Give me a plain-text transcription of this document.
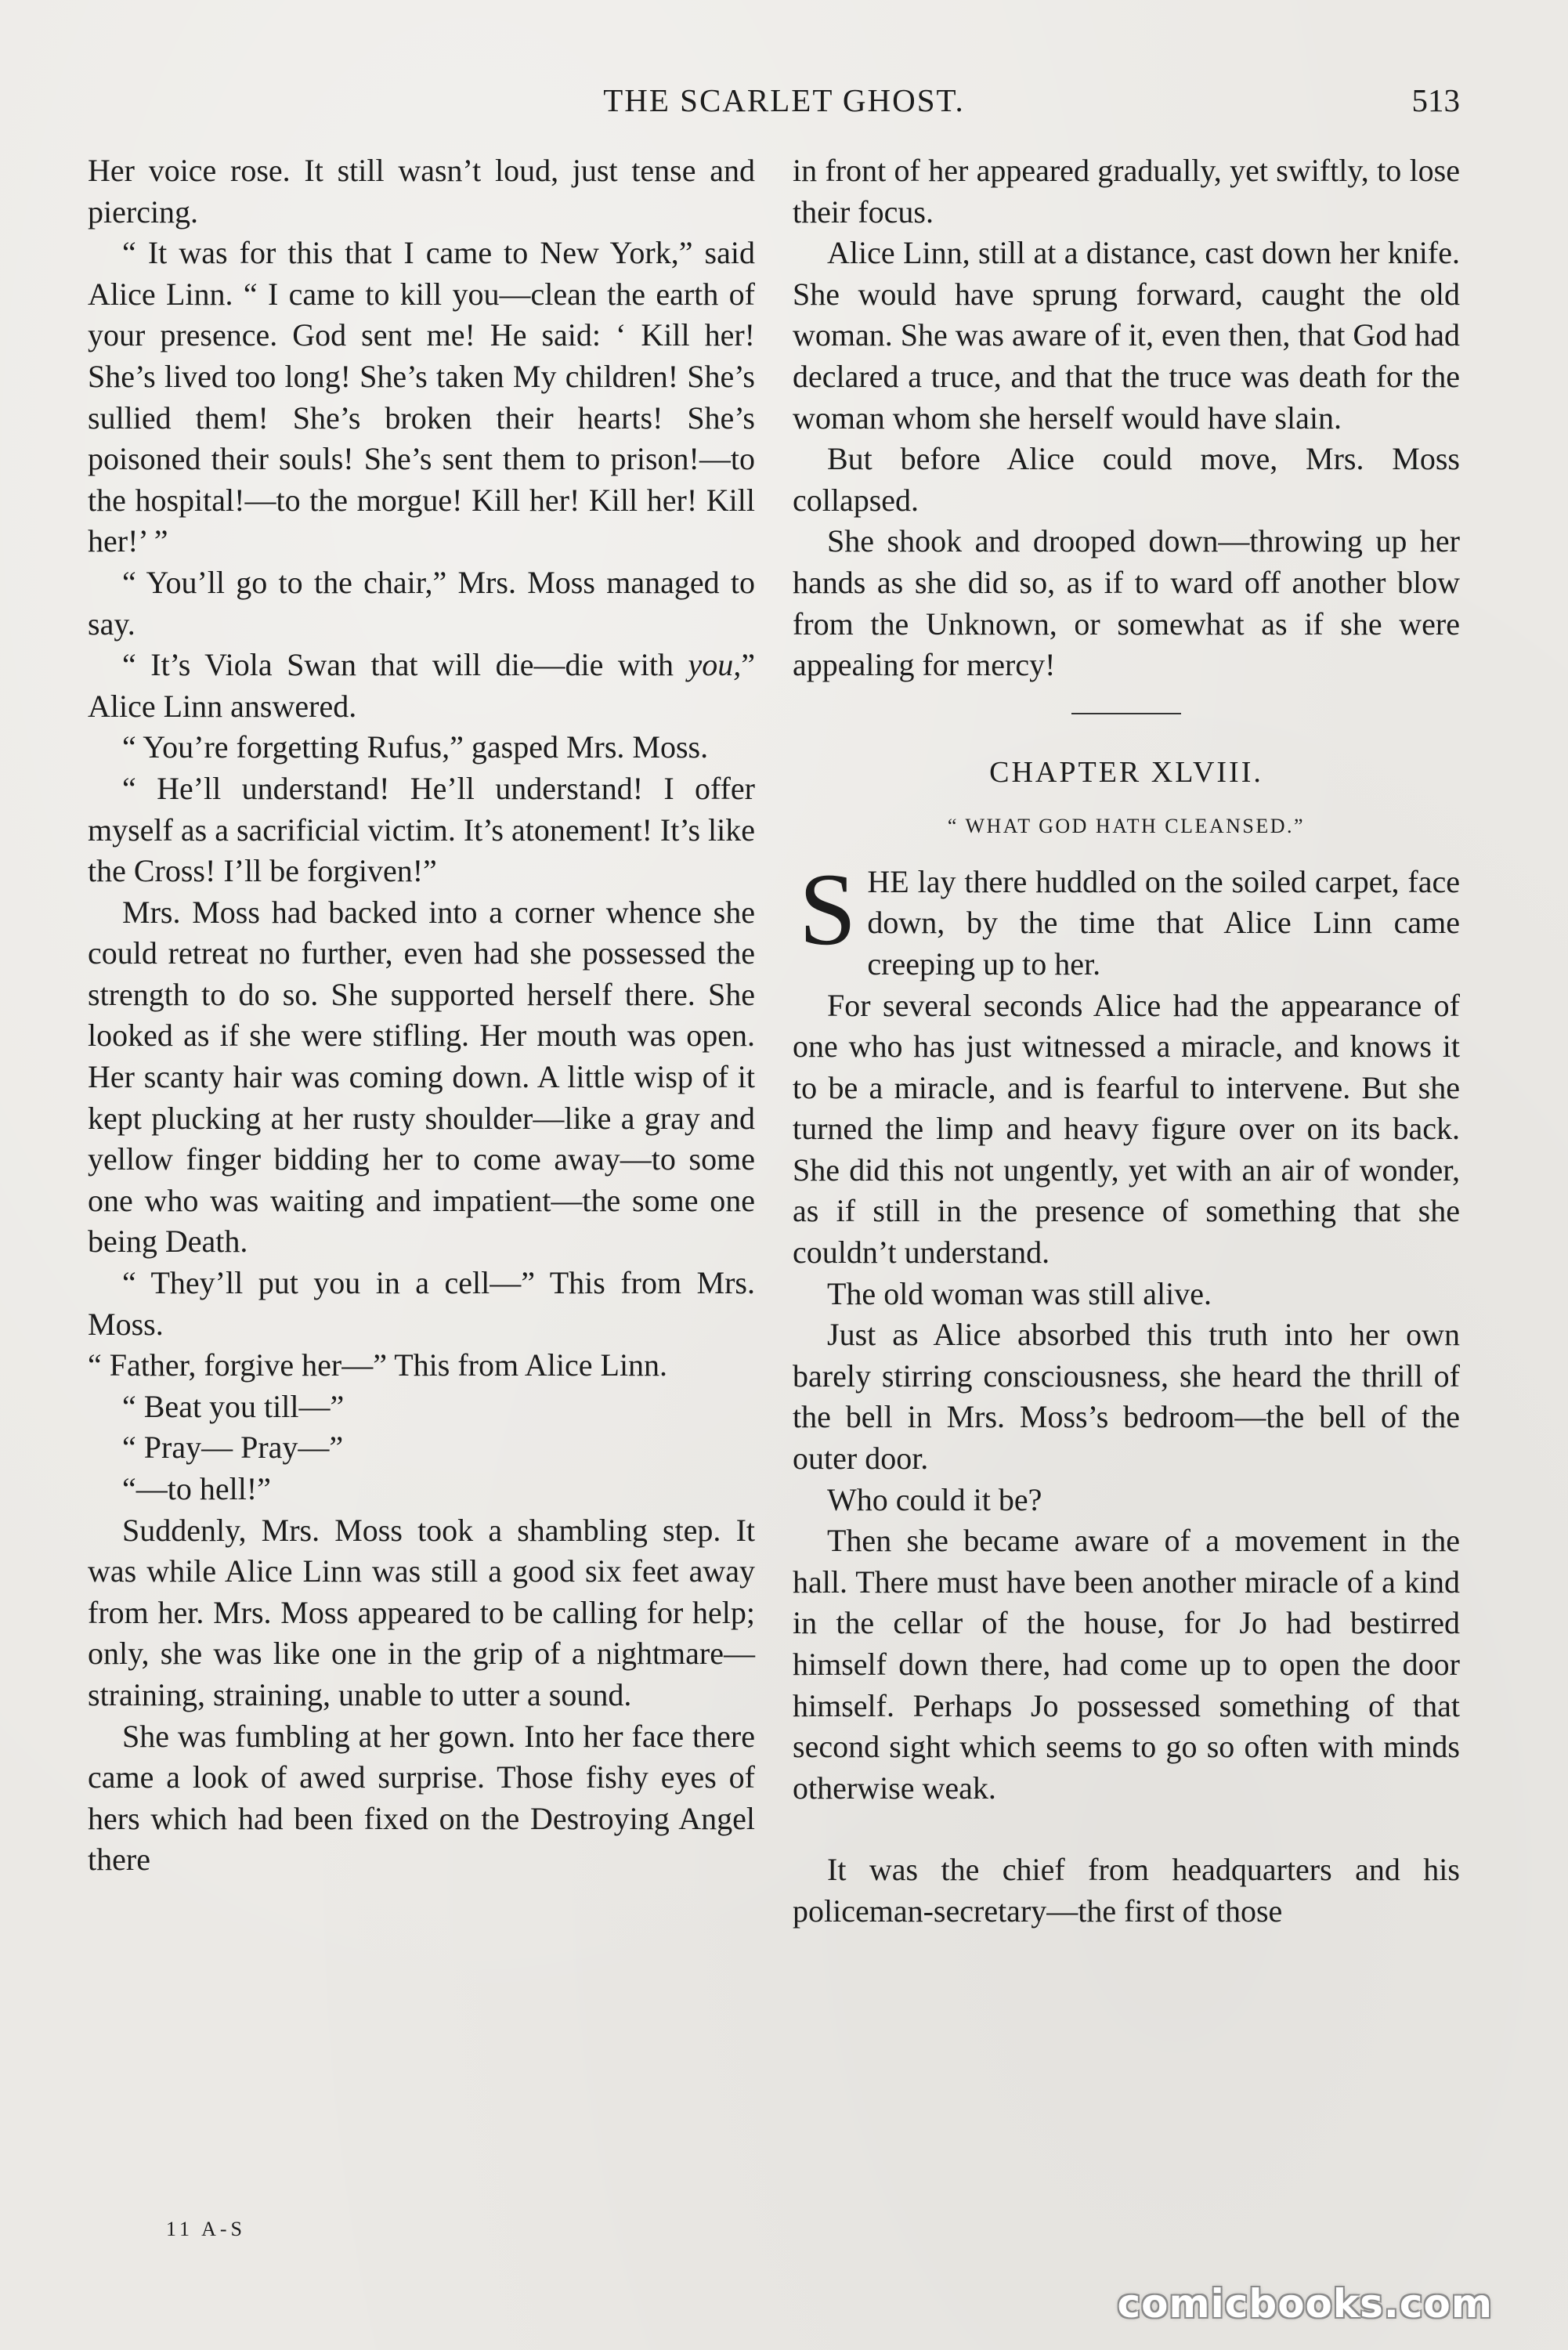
THE SCARLET GHOST.	513

Her voice rose. It still wasn’t loud, just tense and piercing.

“ It was for this that I came to New York,” said Alice Linn. “ I came to kill you—clean the earth of your presence. God sent me! He said: ‘ Kill her! She’s lived too long! She’s taken My children! She’s sullied them! She’s broken their hearts! She’s poisoned their souls! She’s sent them to prison!—to the hospital!—to the morgue! Kill her! Kill her! Kill her!’ ”

“ You’ll go to the chair,” Mrs. Moss managed to say.

“ It’s Viola Swan that will die—die with you,” Alice Linn answered.

“ You’re forgetting Rufus,” gasped Mrs. Moss.

“ He’ll understand! He’ll understand! I offer myself as a sacrificial victim. It’s atonement! It’s like the Cross! I’ll be forgiven!”

Mrs. Moss had backed into a corner whence she could retreat no further, even had she possessed the strength to do so. She supported herself there. She looked as if she were stifling. Her mouth was open. Her scanty hair was coming down. A little wisp of it kept plucking at her rusty shoulder—like a gray and yellow finger bidding her to come away—to some one who was waiting and impatient—the some one being Death.

“ They’ll put you in a cell—” This from Mrs. Moss.

“ Father, forgive her—” This from Alice Linn.

“ Beat you till—”

“ Pray— Pray—”

“—to hell!”

Suddenly, Mrs. Moss took a shambling step. It was while Alice Linn was still a good six feet away from her. Mrs. Moss appeared to be calling for help; only, she was like one in the grip of a nightmare—straining, straining, unable to utter a sound.

She was fumbling at her gown. Into her face there came a look of awed surprise. Those fishy eyes of hers which had been fixed on the Destroying Angel there

in front of her appeared gradually, yet swiftly, to lose their focus.

Alice Linn, still at a distance, cast down her knife. She would have sprung forward, caught the old woman. She was aware of it, even then, that God had declared a truce, and that the truce was death for the woman whom she herself would have slain.

But before Alice could move, Mrs. Moss collapsed.

She shook and drooped down—throwing up her hands as she did so, as if to ward off another blow from the Unknown, or somewhat as if she were appealing for mercy!

CHAPTER XLVIII.
“ WHAT GOD HATH CLEANSED.”

SHE lay there huddled on the soiled carpet, face down, by the time that Alice Linn came creeping up to her.

For several seconds Alice had the appearance of one who has just witnessed a miracle, and knows it to be a miracle, and is fearful to intervene. But she turned the limp and heavy figure over on its back. She did this not ungently, yet with an air of wonder, as if still in the presence of something that she couldn’t understand.

The old woman was still alive.

Just as Alice absorbed this truth into her own barely stirring consciousness, she heard the thrill of the bell in Mrs. Moss’s bedroom—the bell of the outer door.

Who could it be?

Then she became aware of a movement in the hall. There must have been another miracle of a kind in the cellar of the house, for Jo had bestirred himself down there, had come up to open the door himself. Perhaps Jo possessed something of that second sight which seems to go so often with minds otherwise weak.

It was the chief from headquarters and his policeman-secretary—the first of those

11 A-S
comicbooks.com
